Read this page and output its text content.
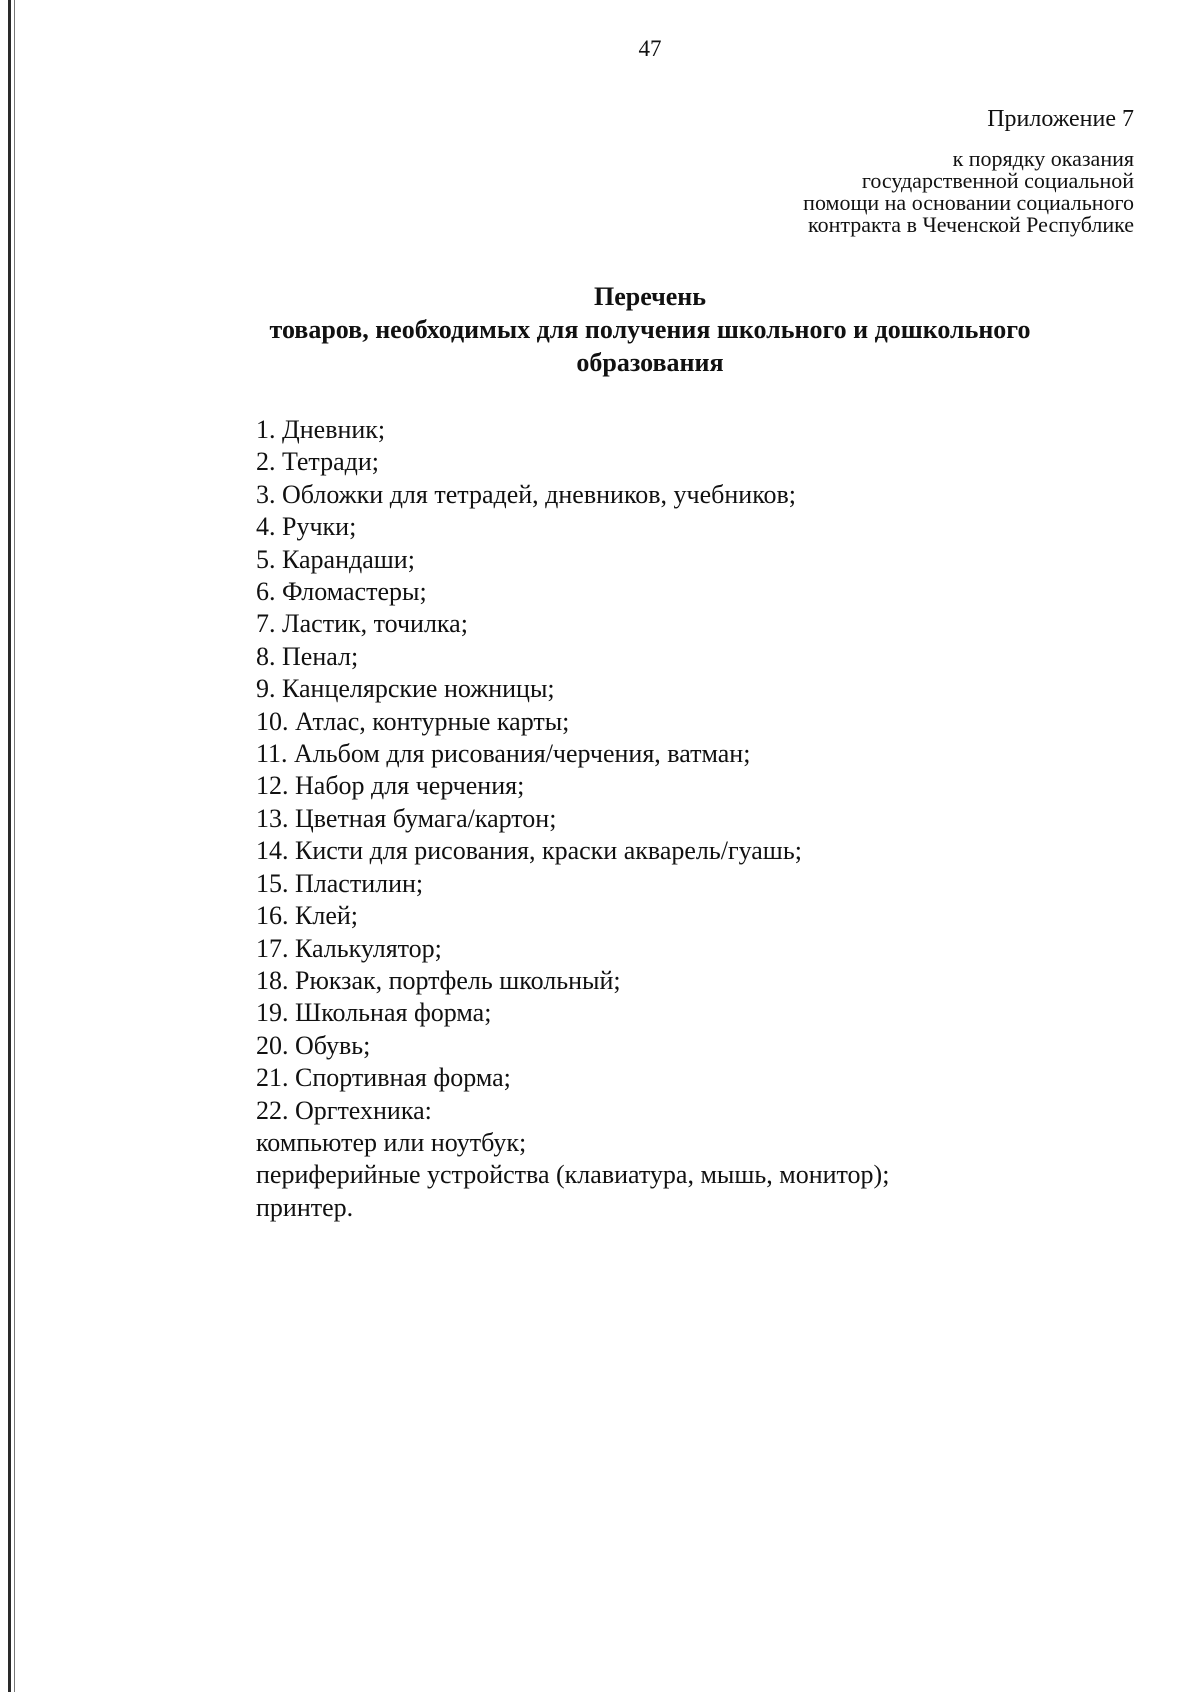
47
Приложение 7
к порядку оказания
государственной социальной
помощи на основании социального
контракта в Чеченской Республике
Перечень
товаров, необходимых для получения школьного и дошкольного
образования
1. Дневник;
2. Тетради;
3. Обложки для тетрадей, дневников, учебников;
4. Ручки;
5. Карандаши;
6. Фломастеры;
7. Ластик, точилка;
8. Пенал;
9. Канцелярские ножницы;
10. Атлас, контурные карты;
11. Альбом для рисования/черчения, ватман;
12. Набор для черчения;
13. Цветная бумага/картон;
14. Кисти для рисования, краски акварель/гуашь;
15. Пластилин;
16. Клей;
17. Калькулятор;
18. Рюкзак, портфель школьный;
19. Школьная форма;
20. Обувь;
21. Спортивная форма;
22. Оргтехника:
компьютер или ноутбук;
периферийные устройства (клавиатура, мышь, монитор);
принтер.
